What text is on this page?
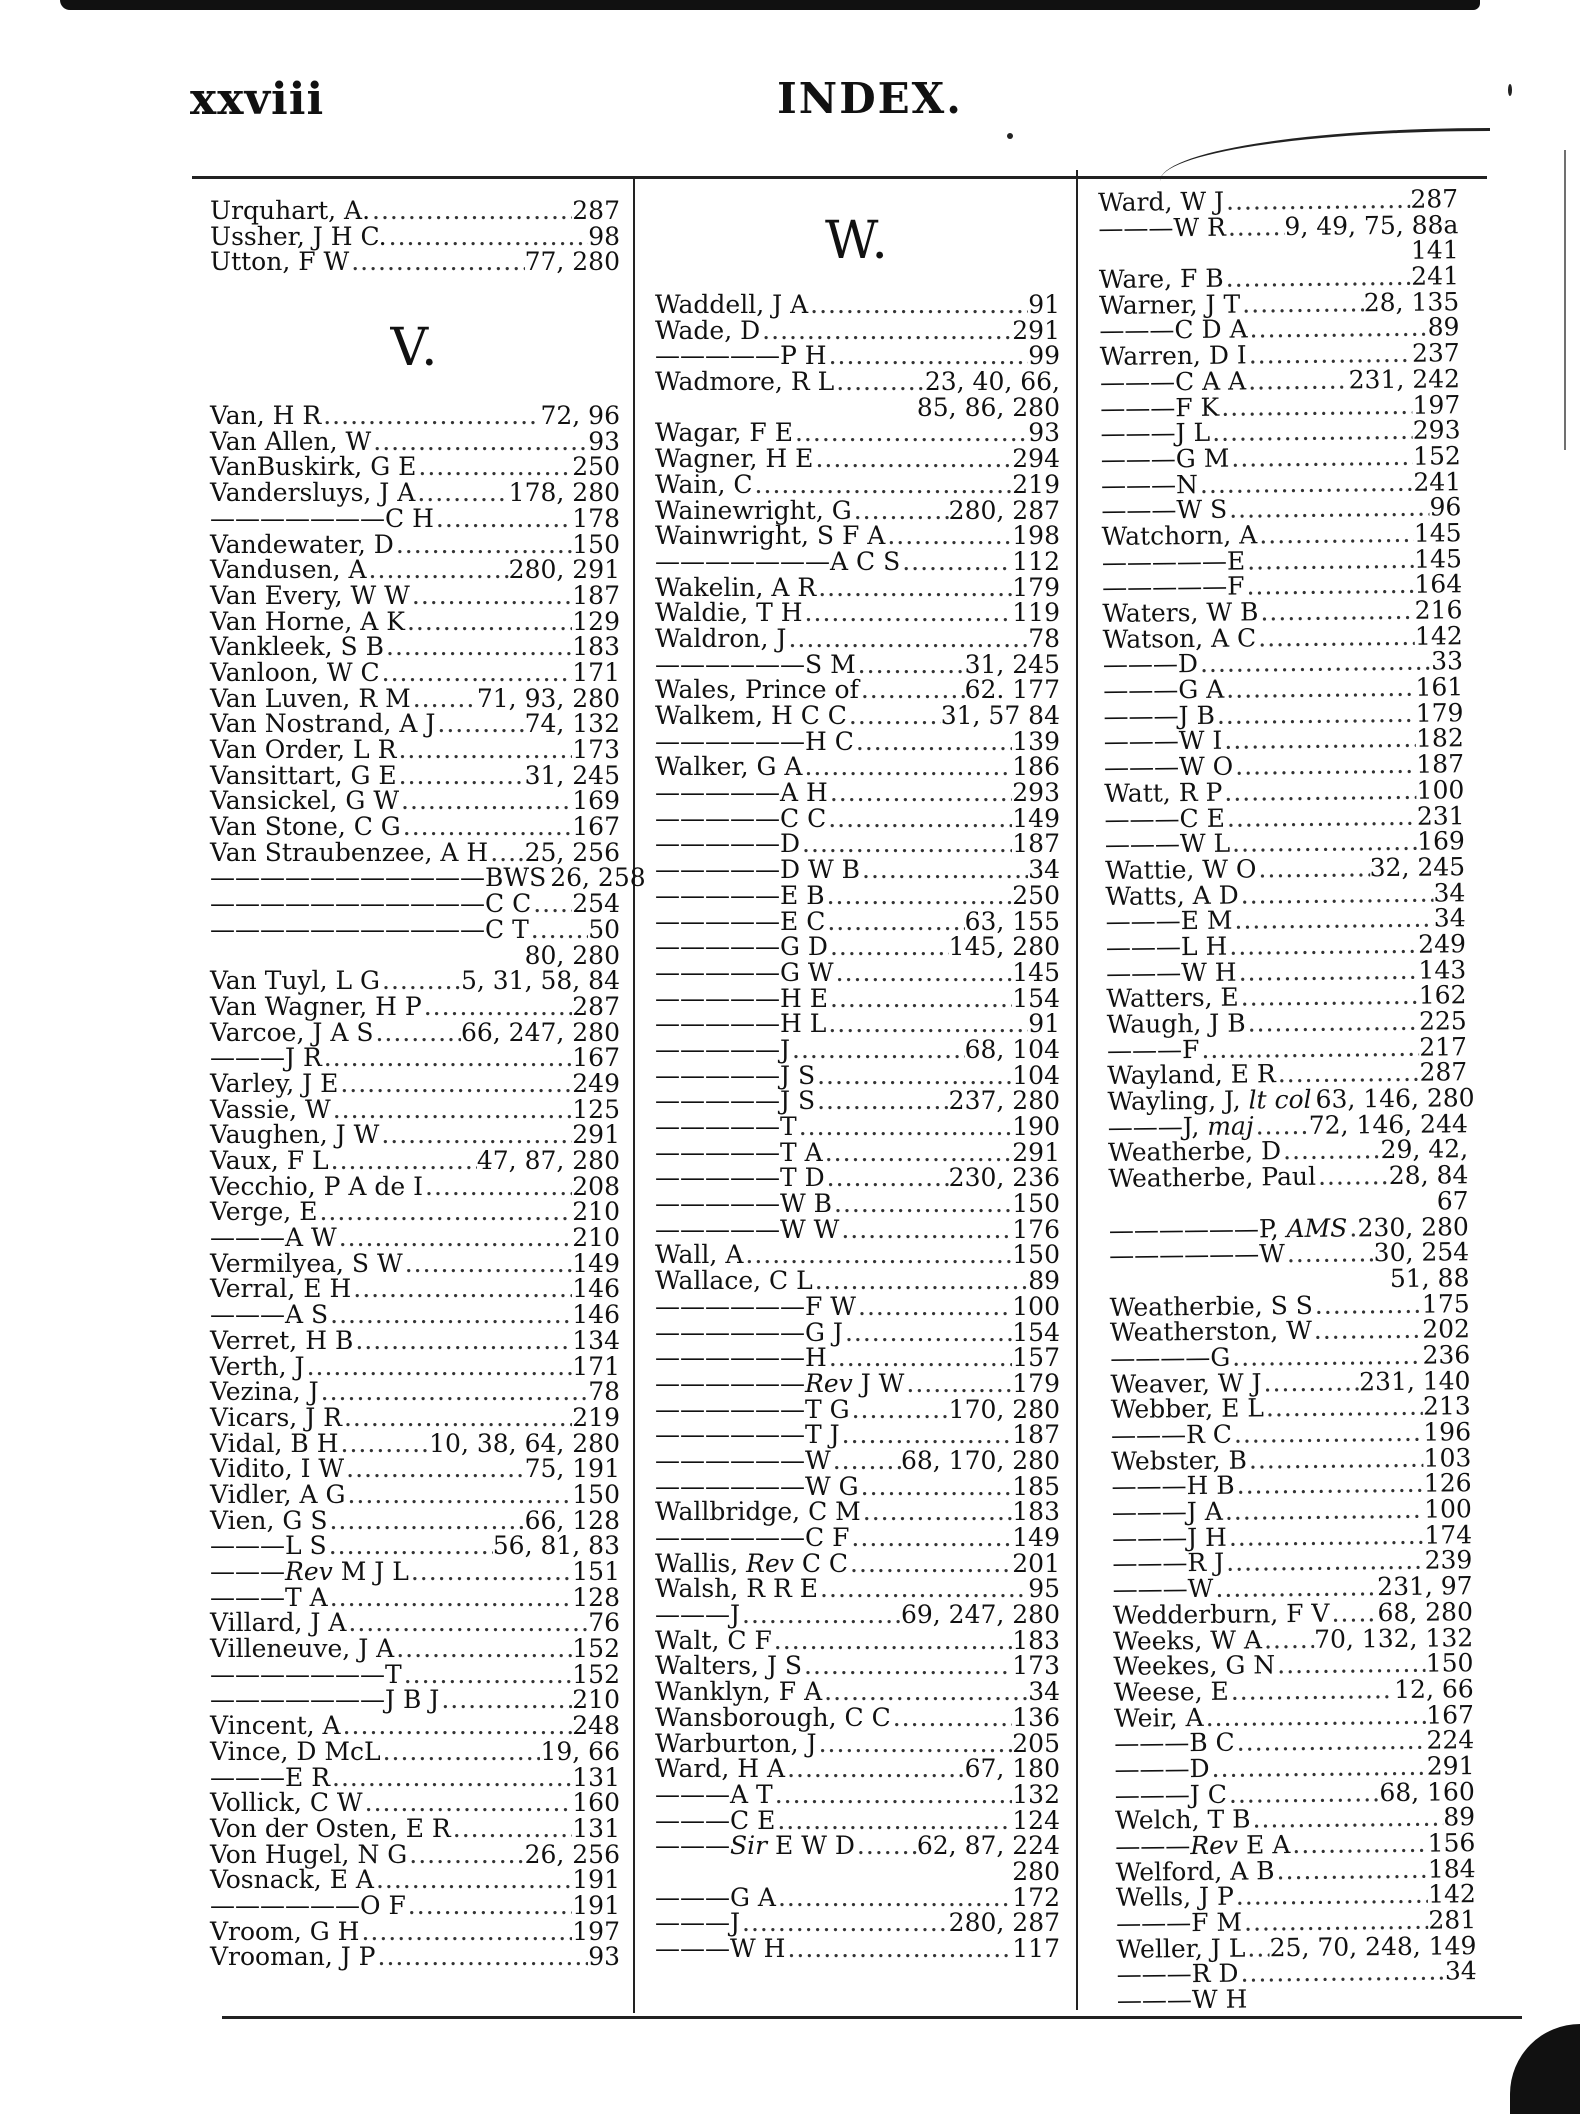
xxviii	INDEX.
Urquhart, A. .....	287
Ussher, J H C. .....	98
Utton, F W .....	77, 280
V.
Van, H R .....	72, 96
Van Allen, W .....	93
VanBuskirk, G E .....	250
Vandersluys, J A .....	178, 280
———————C H .....	178
Vandewater, D .....	150
Vandusen, A .....	280, 291
Van Every, W W .....	187
Van Horne, A K .....	129
Vankleek, S B .....	183
Vanloon, W C .....	171
Van Luven, R M .....	71, 93, 280
Van Nostrand, A J .....	74, 132
Van Order, L R .....	173
Vansittart, G E .....	31, 245
Vansickel, G W .....	169
Van Stone, C G .....	167
Van Straubenzee, A H ..... 25, 256
———————————BWS ..... 26, 258
———————————C C ..... 254
———————————C T ..... 50
80, 280
Van Tuyl, L G .....	5, 31, 58, 84
Van Wagner, H P .....	287
Varcoe, J A S .....	66, 247, 280
———J R .....	167
Varley, J E .....	249
Vassie, W .....	125
Vaughen, J W .....	291
Vaux, F L .....	47, 87, 280
Vecchio, P A de I .....	208
Verge, E .....	210
———A W .....	210
Vermilyea, S W .....	149
Verral, E H .....	146
———A S .....	146
Verret, H B .....	134
Verth, J .....	171
Vezina, J .....	78
Vicars, J R .....	219
Vidal, B H .....	10, 38, 64, 280
Vidito, I W .....	75, 191
Vidler, A G .....	150
Vien, G S .....	66, 128
———L S .....	56, 81, 83
———Rev M J L .....	151
———T A .....	128
Villard, J A .....	76
Villeneuve, J A .....	152
———————T .....	152
———————J B J .....	210
Vincent, A .....	248
Vince, D McL .....	19, 66
———E R .....	131
Vollick, C W .....	160
Von der Osten, E R .....	131
Von Hugel, N G .....	26, 256
Vosnack, E A .....	191
——————O F .....	191
Vroom, G H .....	197
Vrooman, J P .....	93
W.
Waddell, J A .....	91
Wade, D .....	291
—————P H .....	99
Wadmore, R L .....	23, 40, 66,
85, 86, 280
Wagar, F E .....	93
Wagner, H E .....	294
Wain, C .....	219
Wainewright, G .....	280, 287
Wainwright, S F A .....	198
———————A C S .....	112
Wakelin, A R .....	179
Waldie, T H .....	119
Waldron, J .....	78
——————S M .....	31, 245
Wales, Prince of .....	62. 177
Walkem, H C C .....	31, 57 84
——————H C .....	139
Walker, G A .....	186
—————A H .....	293
—————C C .....	149
—————D .....	187
—————D W B .....	34
—————E B .....	250
—————E C .....	63, 155
—————G D .....	145, 280
—————G W .....	145
—————H E .....	154
—————H L .....	91
—————J .....	68, 104
—————J S .....	104
—————J S .....	237, 280
—————T .....	190
—————T A .....	291
—————T D .....	230, 236
—————W B .....	150
—————W W .....	176
Wall, A .....	150
Wallace, C L .....	89
——————F W .....	100
——————G J .....	154
——————H .....	157
——————Rev J W .....	179
——————T G .....	170, 280
——————T J .....	187
——————W .....	68, 170, 280
——————W G .....	185
Wallbridge, C M .....	183
——————C F .....	149
Wallis, Rev C C .....	201
Walsh, R R E .....	95
———J .....	69, 247, 280
Walt, C F .....	183
Walters, J S .....	173
Wanklyn, F A .....	34
Wansborough, C C .....	136
Warburton, J .....	205
Ward, H A .....	67, 180
———A T .....	132
———C E .....	124
———Sir E W D ..... 62, 87, 224
280
———G A .....	172
———J .....	280, 287
———W H .....	117
Ward, W J .....	287
———W R ..... 9, 49, 75, 88a
141
Ware, F B .....	241
Warner, J T .....	28, 135
———C D A .....	89
Warren, D I .....	237
———C A A .....	231, 242
———F K .....	197
———J L .....	293
———G M .....	152
———N .....	241
———W S .....	96
Watchorn, A .....	145
—————E .....	145
—————F .....	164
Waters, W B .....	216
Watson, A C .....	142
———D .....	33
———G A .....	161
———J B .....	179
———W I .....	182
———W O .....	187
Watt, R P .....	100
———C E .....	231
———W L .....	169
Wattie, W O .....	32, 245
Watts, A D .....	34
———E M .....	34
———L H .....	249
———W H .....	143
Watters, E .....	162
Waugh, J B .....	225
———F .....	217
Wayland, E R .....	287
Wayling, J, lt col ..... 63, 146, 280
———J, maj ..... 72, 146, 244
Weatherbe, D .....	29, 42,
Weatherbe, Paul .....	28, 84
67
——————P, AMS ..... 230, 280
——————W .....	30, 254
51, 88
Weatherbie, S S .....	175
Weatherston, W .....	202
————G .....	236
Weaver, W J .....	231, 140
Webber, E L .....	213
———R C .....	196
Webster, B .....	103
———H B .....	126
———J A .....	100
———J H .....	174
———R J .....	239
———W .....	231, 97
Wedderburn, F V ..... 68, 280
Weeks, W A ..... 70, 132, 132
Weekes, G N .....	150
Weese, E .....	12, 66
Weir, A .....	167
———B C .....	224
———D .....	291
———J C .....	68, 160
Welch, T B .....	89
———Rev E A .....	156
Welford, A B .....	184
Wells, J P .....	142
———F M .....	281
Weller, J L ..... 25, 70, 248, 149
———R D .....	34
———W H
